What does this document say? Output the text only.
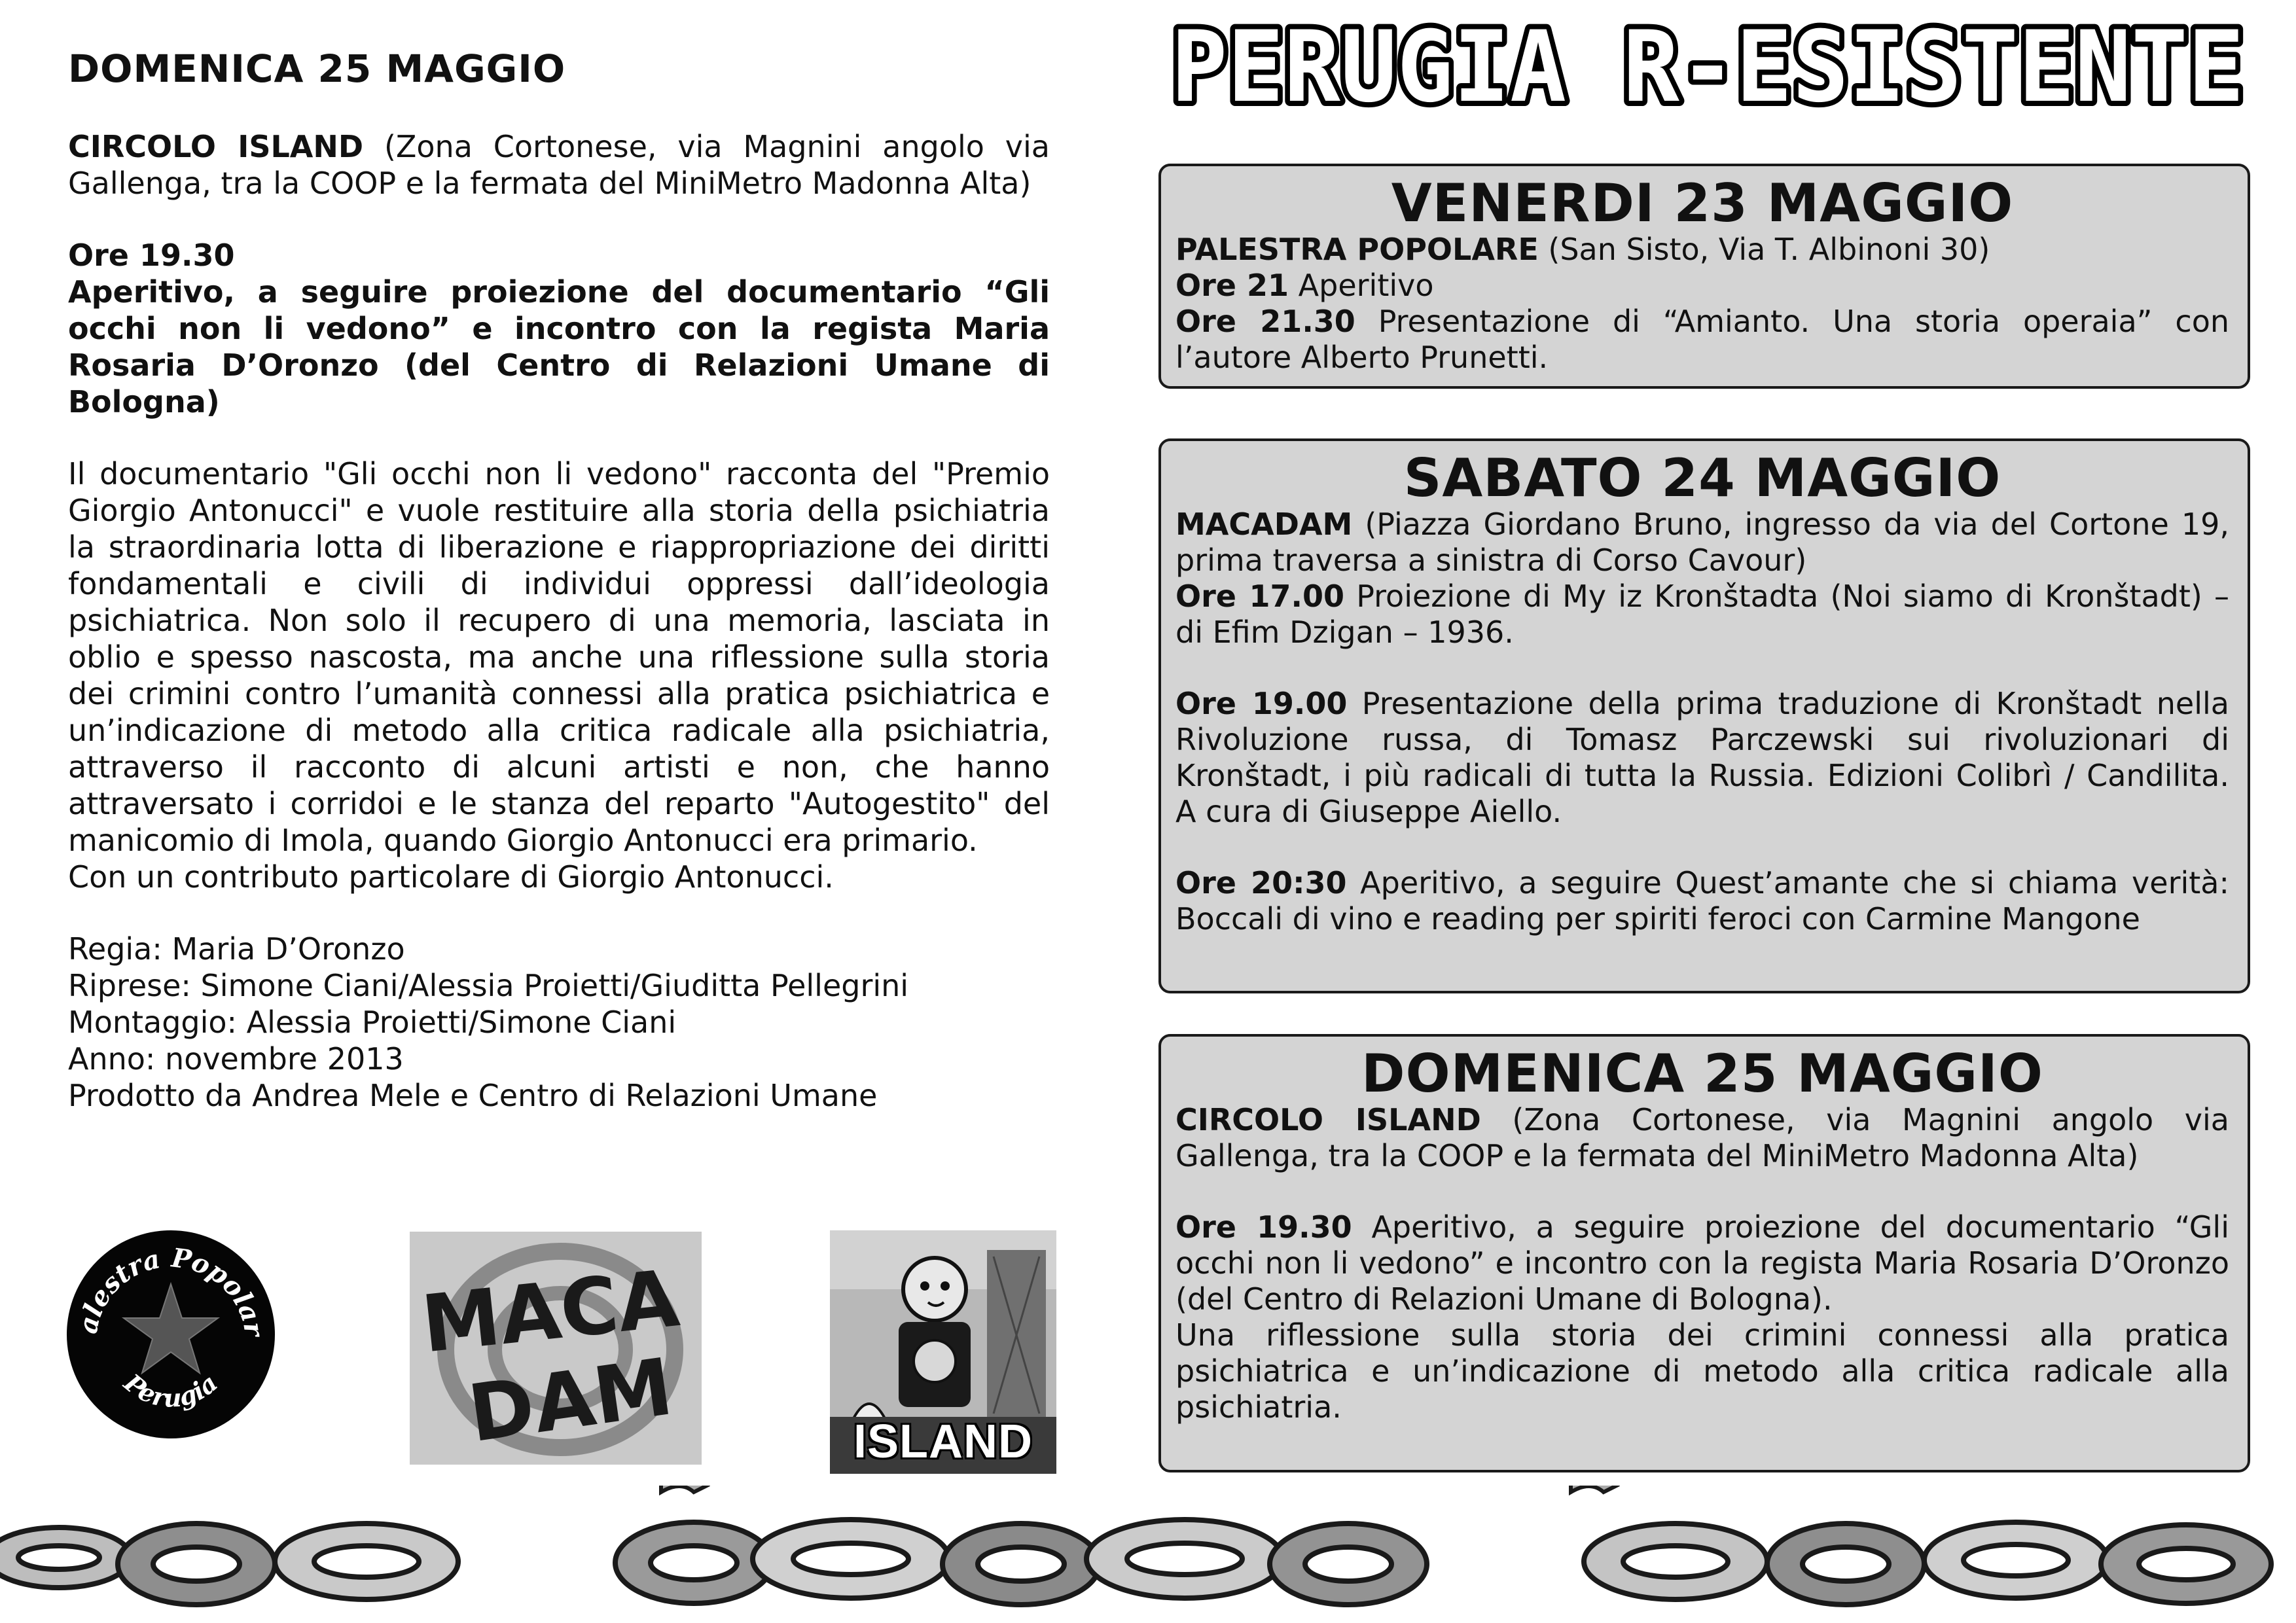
DOMENICA 25 MAGGIO

CIRCOLO ISLAND (Zona Cortonese, via Magnini angolo via Gallenga, tra la COOP e la fermata del MiniMetro Madonna Alta)

Ore 19.30

Aperitivo, a seguire proiezione del documentario “Gli occhi non li vedono” e incontro con la regista Maria Rosaria D’Oronzo (del Centro di Relazioni Umane di Bologna)

Il documentario "Gli occhi non li vedono" racconta del "Premio Giorgio Antonucci" e vuole restituire alla storia della psichiatria la straordinaria lotta di liberazione e riappropriazione dei diritti fondamentali e civili di individui oppressi dall’ideologia psichiatrica. Non solo il recupero di una memoria, lasciata in oblio e spesso nascosta, ma anche una riflessione sulla storia dei crimini contro l’umanità connessi alla pratica psichiatrica e un’indicazione di metodo alla critica radicale alla psichiatria, attraverso il racconto di alcuni artisti e non, che hanno attraversato i corridoi e le stanza del reparto "Autogestito" del manicomio di Imola, quando Giorgio Antonucci era primario.

Con un contributo particolare di Giorgio Antonucci.

Regia: Maria D’Oronzo
Riprese: Simone Ciani/Alessia Proietti/Giuditta Pellegrini
Montaggio: Alessia Proietti/Simone Ciani
Anno: novembre 2013
Prodotto da Andrea Mele e Centro di Relazioni Umane
alestra Popolar
Perugia
MACA
DAM	ISLAND
PERUGIA R-ESISTENTE
VENERDI 23 MAGGIO

PALESTRA POPOLARE (San Sisto, Via T. Albinoni 30)

Ore 21 Aperitivo

Ore 21.30 Presentazione di “Amianto. Una storia operaia” con l’autore Alberto Prunetti.

SABATO 24 MAGGIO

MACADAM (Piazza Giordano Bruno, ingresso da via del Cortone 19, prima traversa a sinistra di Corso Cavour)

Ore 17.00 Proiezione di My iz Kronštadta (Noi siamo di Kronštadt) – di Efim Dzigan – 1936.

Ore 19.00 Presentazione della prima traduzione di Kronštadt nella Rivoluzione russa, di Tomasz Parczewski sui rivoluzionari di Kronštadt, i più radicali di tutta la Russia. Edizioni Colibrì / Candilita. A cura di Giuseppe Aiello.

Ore 20:30 Aperitivo, a seguire Quest’amante che si chiama verità: Boccali di vino e reading per spiriti feroci con Carmine Mangone

DOMENICA 25 MAGGIO

CIRCOLO ISLAND (Zona Cortonese, via Magnini angolo via Gallenga, tra la COOP e la fermata del MiniMetro Madonna Alta)

Ore 19.30 Aperitivo, a seguire proiezione del documentario “Gli occhi non li vedono” e incontro con la regista Maria Rosaria D’Oronzo (del Centro di Relazioni Umane di Bologna).

Una riflessione sulla storia dei crimini connessi alla pratica psichiatrica e un’indicazione di metodo alla critica radicale alla psichiatria.
